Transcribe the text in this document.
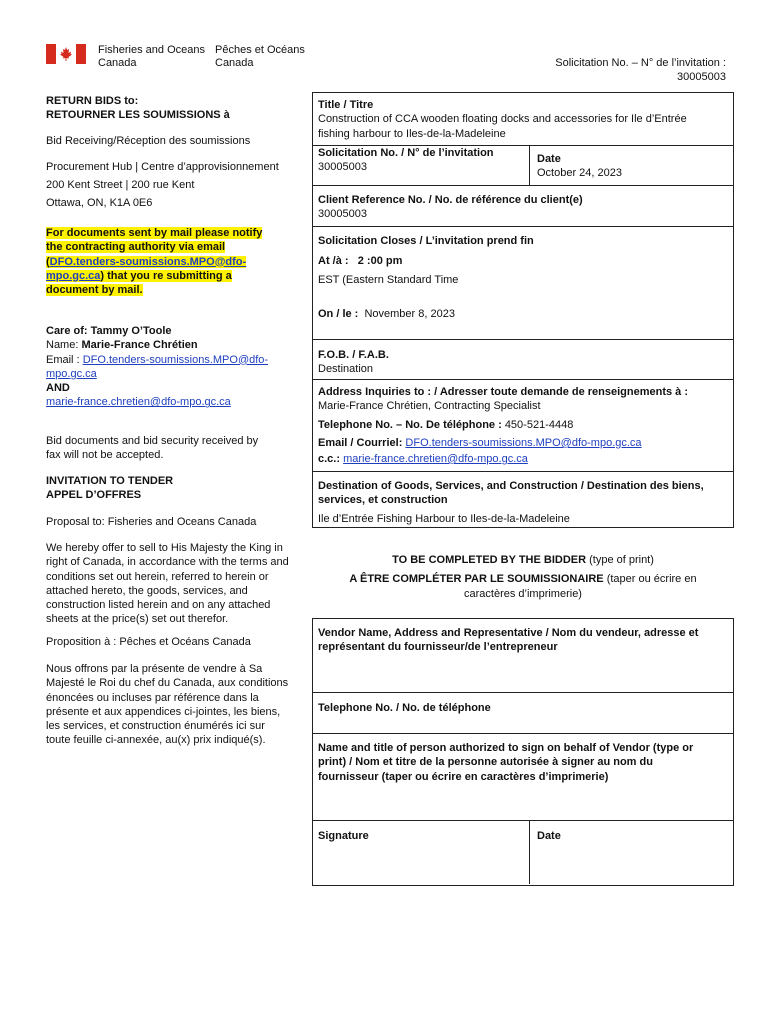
Fisheries and Oceans
Canada
Pêches et Océans
Canada	Solicitation No. – N° de l’invitation :
30005003
RETURN BIDS to:
RETOURNER LES SOUMISSIONS à
Bid Receiving/Réception des soumissions
Procurement Hub | Centre d’approvisionnement
200 Kent Street | 200 rue Kent
Ottawa, ON, K1A 0E6
For documents sent by mail please notify
the contracting authority via email
(DFO.tenders-soumissions.MPO@dfo-
mpo.gc.ca) that you re submitting a
document by mail.
Care of: Tammy O’Toole
Name: Marie-France Chrétien
Email : DFO.tenders-soumissions.MPO@dfo-
mpo.gc.ca
AND
marie-france.chretien@dfo-mpo.gc.ca
Bid documents and bid security received by
fax will not be accepted.
INVITATION TO TENDER
APPEL D’OFFRES
Proposal to: Fisheries and Oceans Canada
We hereby offer to sell to His Majesty the King in
right of Canada, in accordance with the terms and
conditions set out herein, referred to herein or
attached hereto, the goods, services, and
construction listed herein and on any attached
sheets at the price(s) set out therefor.
Proposition à : Pêches et Océans Canada
Nous offrons par la présente de vendre à Sa
Majesté le Roi du chef du Canada, aux conditions
énoncées ou incluses par référence dans la
présente et aux appendices ci-jointes, les biens,
les services, et construction énumérés ici sur
toute feuille ci-annexée, au(x) prix indiqué(s).
Title / Titre
Construction of CCA wooden floating docks and accessories for Ile d’Entrée
fishing harbour to Iles-de-la-Madeleine
Solicitation No. / N° de l’invitation
30005003
Date
October 24, 2023
Client Reference No. / No. de référence du client(e)
30005003
Solicitation Closes / L’invitation prend fin
At /à : 2 :00 pm
EST (Eastern Standard Time
On / le : November 8, 2023
F.O.B. / F.A.B.
Destination
Address Inquiries to : / Adresser toute demande de renseignements à :
Marie-France Chrétien, Contracting Specialist
Telephone No. – No. De téléphone : 450-521-4448
Email / Courriel: DFO.tenders-soumissions.MPO@dfo-mpo.gc.ca
c.c.: marie-france.chretien@dfo-mpo.gc.ca
Destination of Goods, Services, and Construction / Destination des biens,
services, et construction
Ile d’Entrée Fishing Harbour to Iles-de-la-Madeleine
TO BE COMPLETED BY THE BIDDER (type of print)
A ÊTRE COMPLÉTER PAR LE SOUMISSIONAIRE (taper ou écrire en
caractères d’imprimerie)
Vendor Name, Address and Representative / Nom du vendeur, adresse et
représentant du fournisseur/de l’entrepreneur
Telephone No. / No. de téléphone
Name and title of person authorized to sign on behalf of Vendor (type or
print) / Nom et titre de la personne autorisée à signer au nom du
fournisseur (taper ou écrire en caractères d’imprimerie)
Signature	Date
